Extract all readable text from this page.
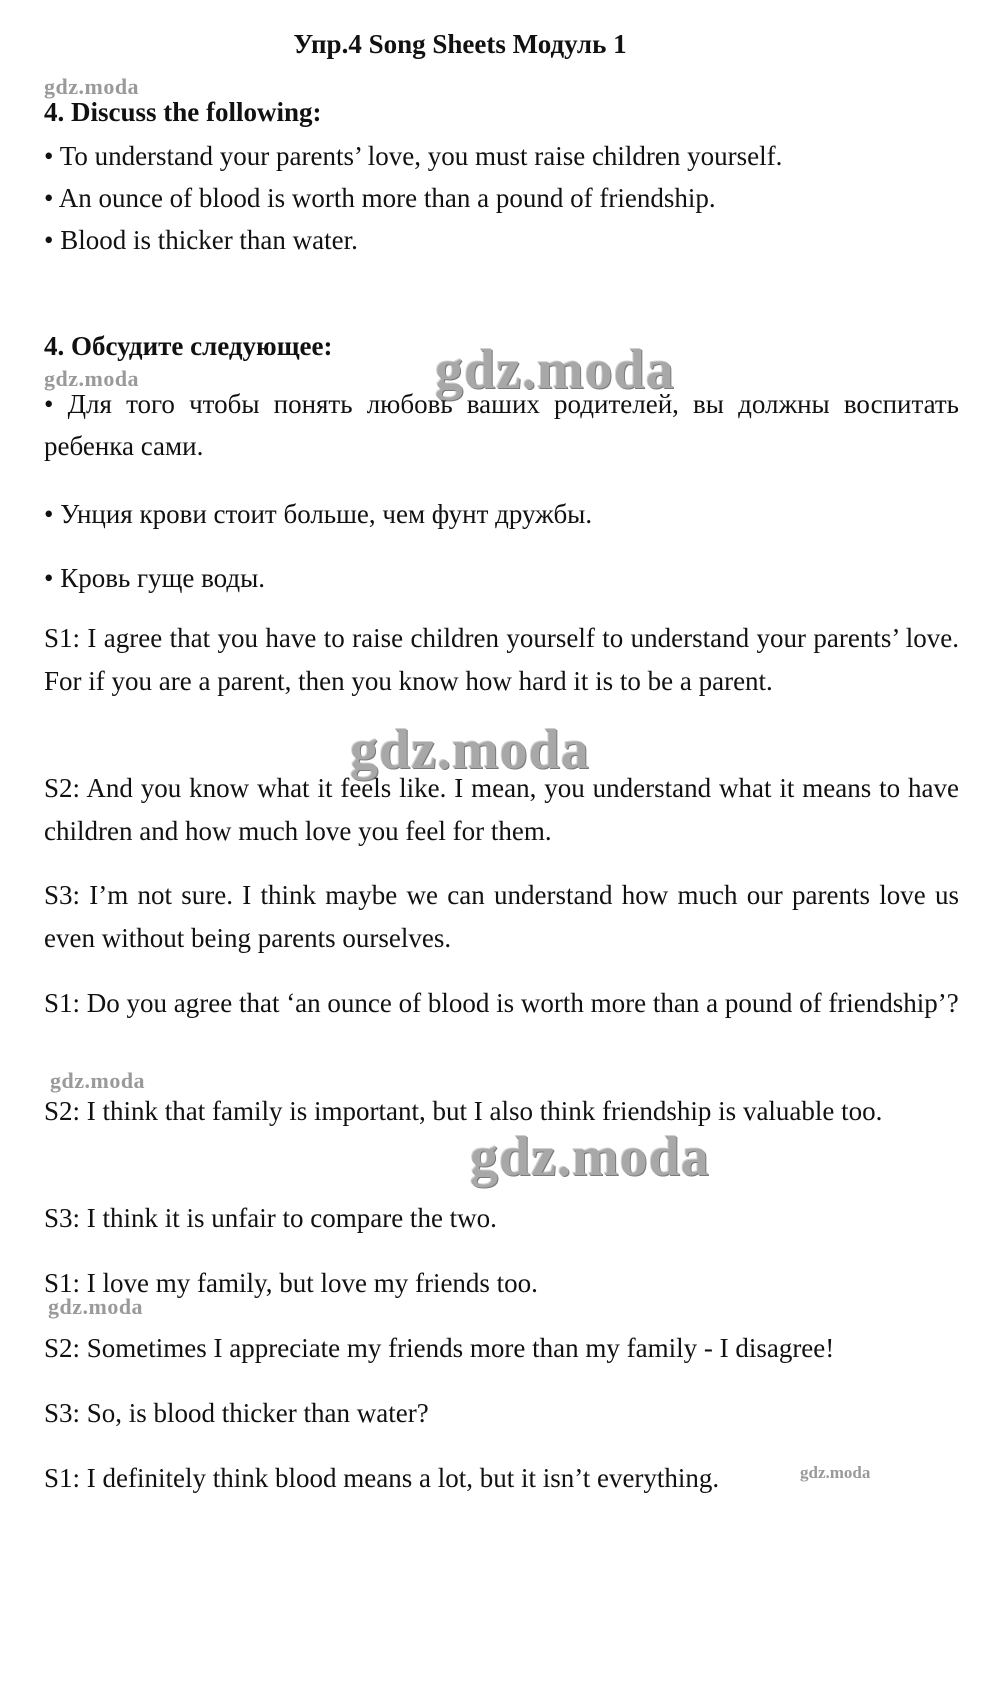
Упр.4 Song Sheets Модуль 1
gdz.moda
4. Discuss the following:
• To understand your parents’ love, you must raise children yourself.
• An ounce of blood is worth more than a pound of friendship.
• Blood is thicker than water.
4. Обсудите следующее: gdz.moda
gdz.moda
• Для того чтобы понять любовь ваших родителей, вы должны воспитать ребенка сами.
• Унция крови стоит больше, чем фунт дружбы.
• Кровь гуще воды.
S1: I agree that you have to raise children yourself to understand your parents’ love. For if you are a parent, then you know how hard it is to be a parent.
gdz.moda
S2: And you know what it feels like. I mean, you understand what it means to have children and how much love you feel for them.
S3: I’m not sure. I think maybe we can understand how much our parents love us even without being parents ourselves.
S1: Do you agree that ‘an ounce of blood is worth more than a pound of friendship’?
gdz.moda
S2: I think that family is important, but I also think friendship is valuable too.
gdz.moda
S3: I think it is unfair to compare the two.
S1: I love my family, but love my friends too.
gdz.moda
S2: Sometimes I appreciate my friends more than my family - I disagree!
S3: So, is blood thicker than water?
S1: I definitely think blood means a lot, but it isn’t everything.	gdz.moda
